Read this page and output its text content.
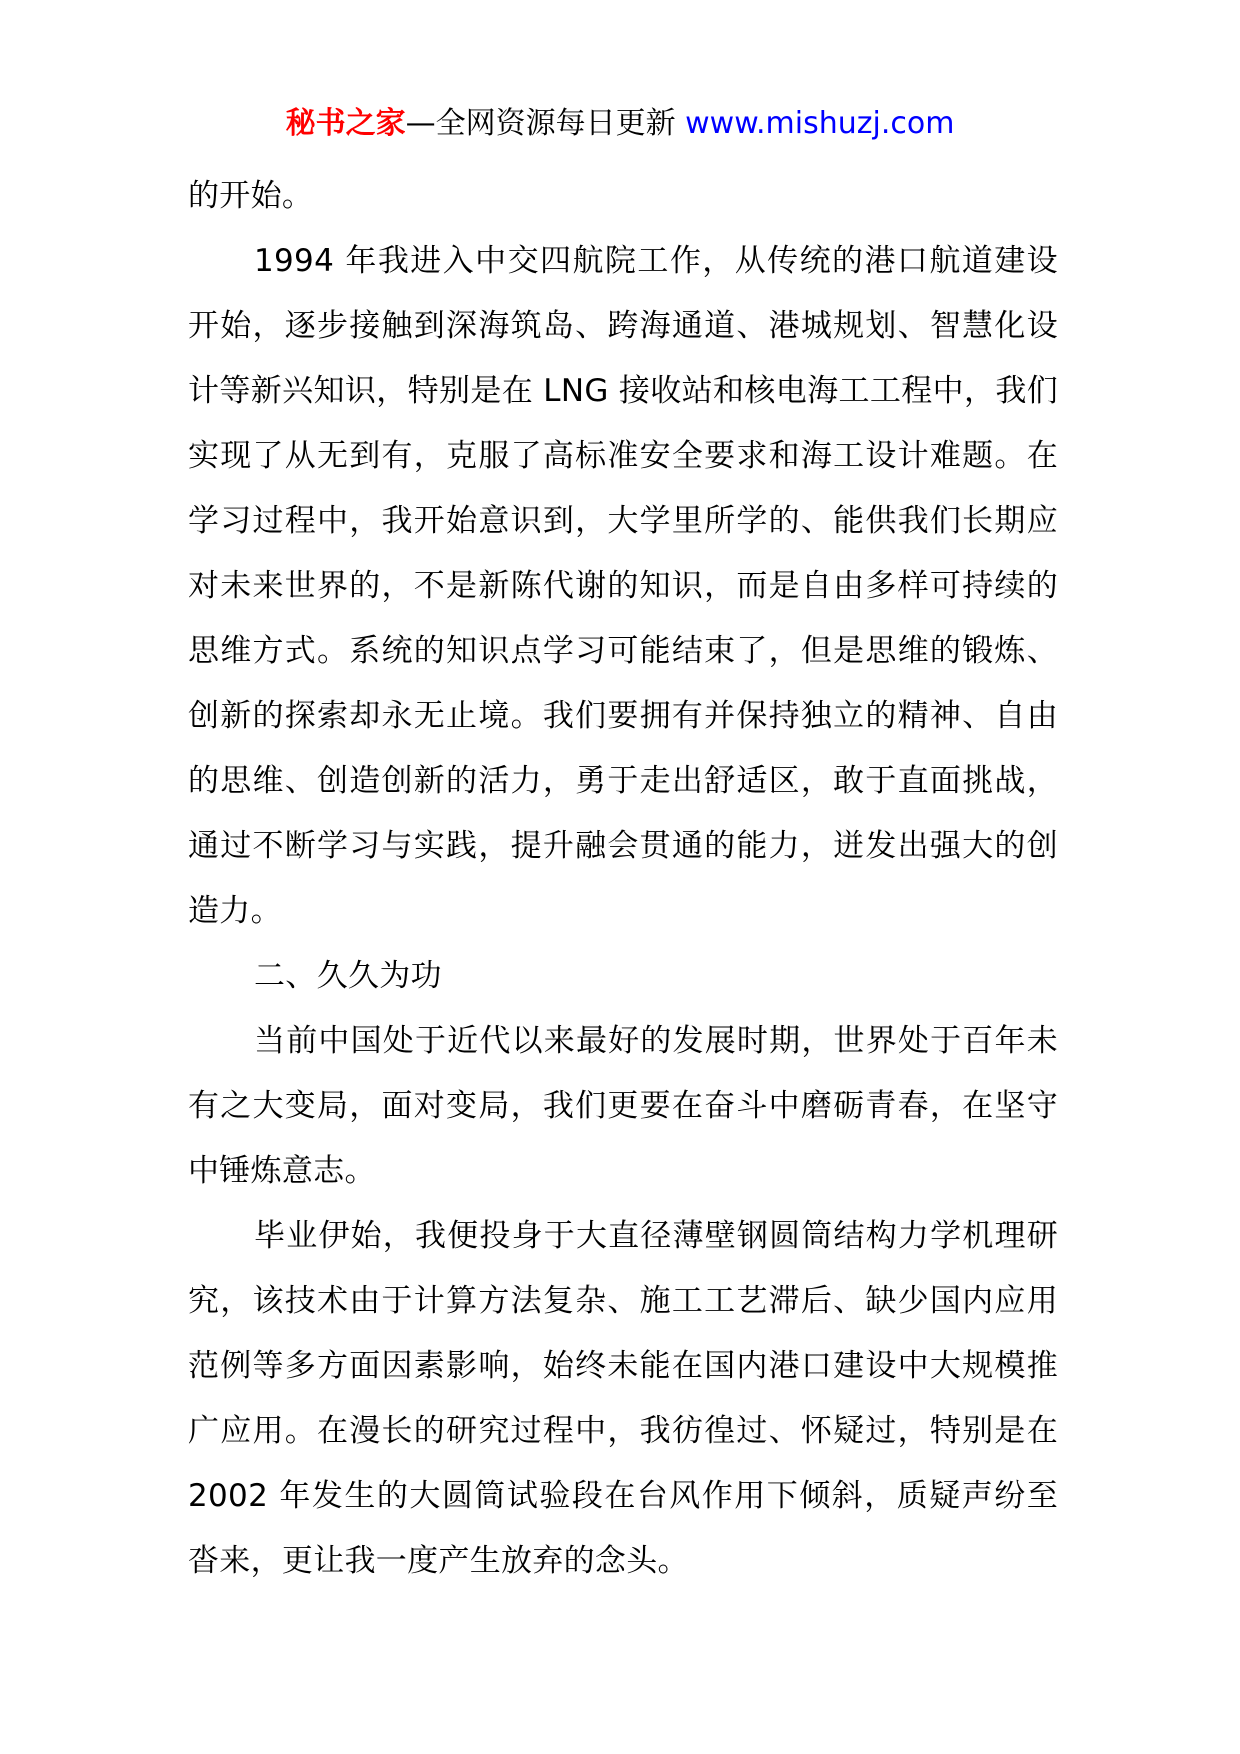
秘书之家—全网资源每日更新 www.mishuzj.com

的开始。

1994 年我进入中交四航院工作，从传统的港口航道建设开始，逐步接触到深海筑岛、跨海通道、港城规划、智慧化设计等新兴知识，特别是在 LNG 接收站和核电海工工程中，我们实现了从无到有，克服了高标准安全要求和海工设计难题。在学习过程中，我开始意识到，大学里所学的、能供我们长期应对未来世界的，不是新陈代谢的知识，而是自由多样可持续的思维方式。系统的知识点学习可能结束了，但是思维的锻炼、创新的探索却永无止境。我们要拥有并保持独立的精神、自由的思维、创造创新的活力，勇于走出舒适区，敢于直面挑战，通过不断学习与实践，提升融会贯通的能力，迸发出强大的创造力。

二、久久为功

当前中国处于近代以来最好的发展时期，世界处于百年未有之大变局，面对变局，我们更要在奋斗中磨砺青春，在坚守中锤炼意志。

毕业伊始，我便投身于大直径薄壁钢圆筒结构力学机理研究，该技术由于计算方法复杂、施工工艺滞后、缺少国内应用范例等多方面因素影响，始终未能在国内港口建设中大规模推广应用。在漫长的研究过程中，我彷徨过、怀疑过，特别是在 2002 年发生的大圆筒试验段在台风作用下倾斜，质疑声纷至沓来，更让我一度产生放弃的念头。
